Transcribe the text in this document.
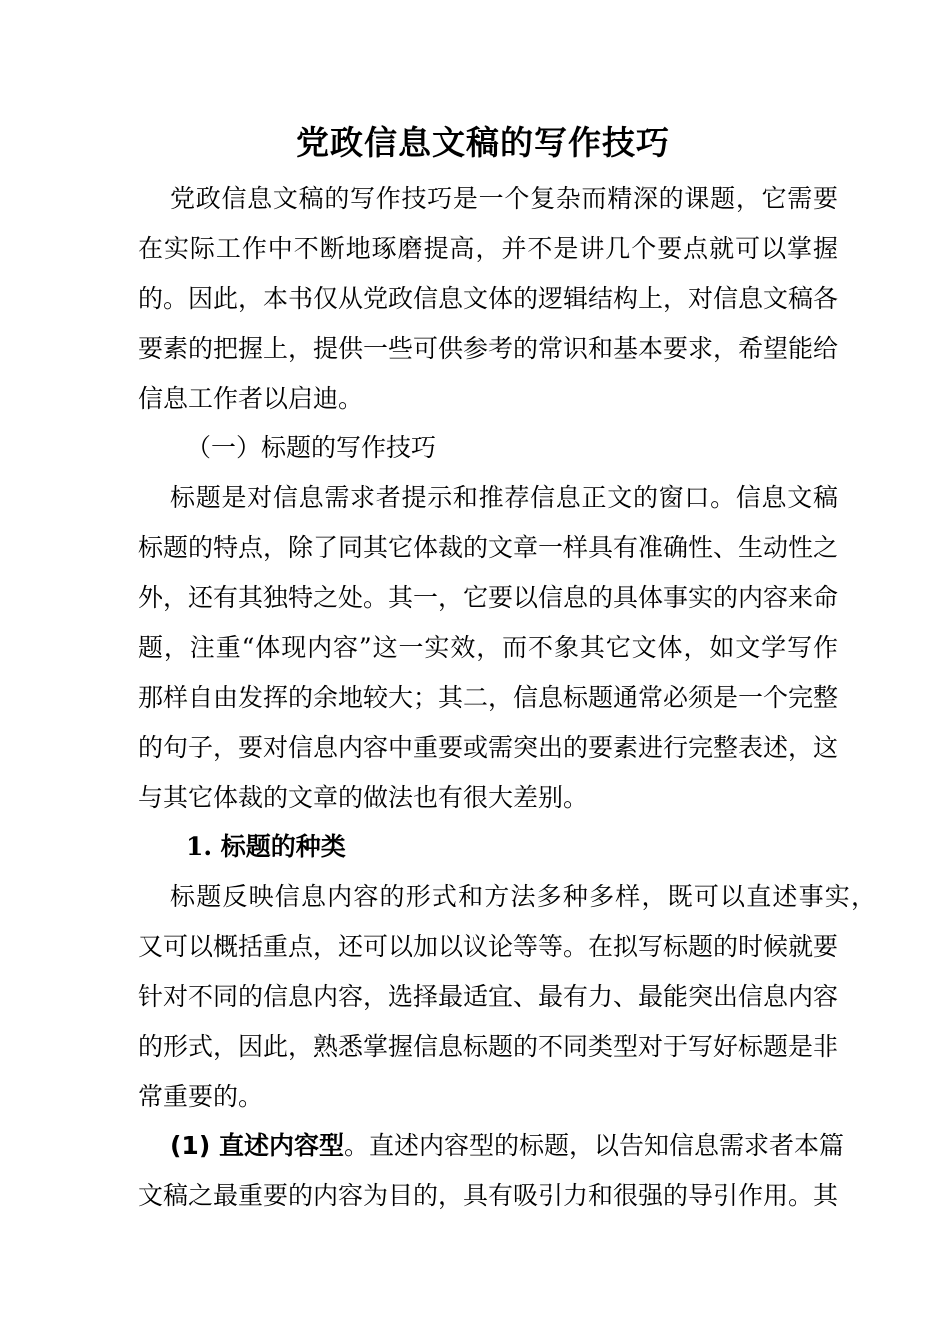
党政信息文稿的写作技巧
党政信息文稿的写作技巧是一个复杂而精深的课题，它需要
在实际工作中不断地琢磨提高，并不是讲几个要点就可以掌握
的。因此，本书仅从党政信息文体的逻辑结构上，对信息文稿各
要素的把握上，提供一些可供参考的常识和基本要求，希望能给
信息工作者以启迪。
（一）标题的写作技巧
标题是对信息需求者提示和推荐信息正文的窗口。信息文稿
标题的特点，除了同其它体裁的文章一样具有准确性、生动性之
外，还有其独特之处。其一，它要以信息的具体事实的内容来命
题，注重“体现内容”这一实效，而不象其它文体，如文学写作
那样自由发挥的余地较大；其二，信息标题通常必须是一个完整
的句子，要对信息内容中重要或需突出的要素进行完整表述，这
与其它体裁的文章的做法也有很大差别。
1. 标题的种类
标题反映信息内容的形式和方法多种多样，既可以直述事实，
又可以概括重点，还可以加以议论等等。在拟写标题的时候就要
针对不同的信息内容，选择最适宜、最有力、最能突出信息内容
的形式，因此，熟悉掌握信息标题的不同类型对于写好标题是非
常重要的。
(1) 直述内容型。直述内容型的标题，以告知信息需求者本篇
文稿之最重要的内容为目的，具有吸引力和很强的导引作用。其
